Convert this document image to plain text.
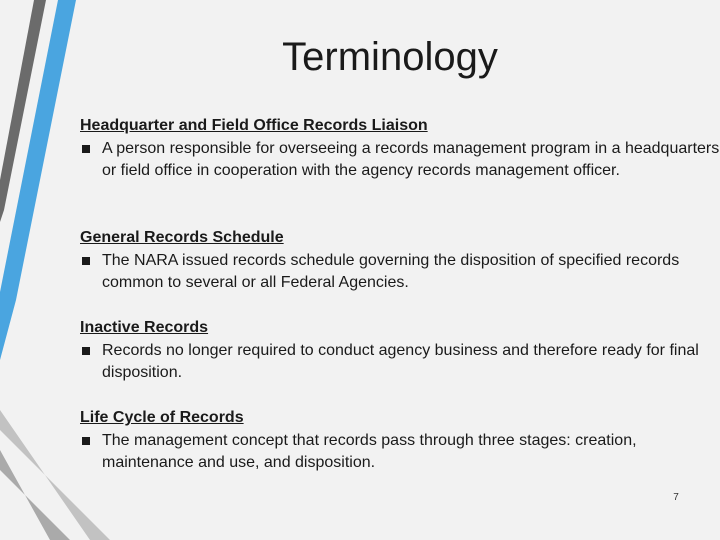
Terminology
Headquarter and Field Office Records Liaison
A person responsible for overseeing a records management program in a headquarters or field office in cooperation with the agency records management officer.
General Records Schedule
The NARA issued records schedule governing the disposition of specified records common to several or all Federal Agencies.
Inactive Records
Records no longer required to conduct agency business and therefore ready for final disposition.
Life Cycle of Records
The management concept that records pass through three stages: creation, maintenance and use, and disposition.
7
